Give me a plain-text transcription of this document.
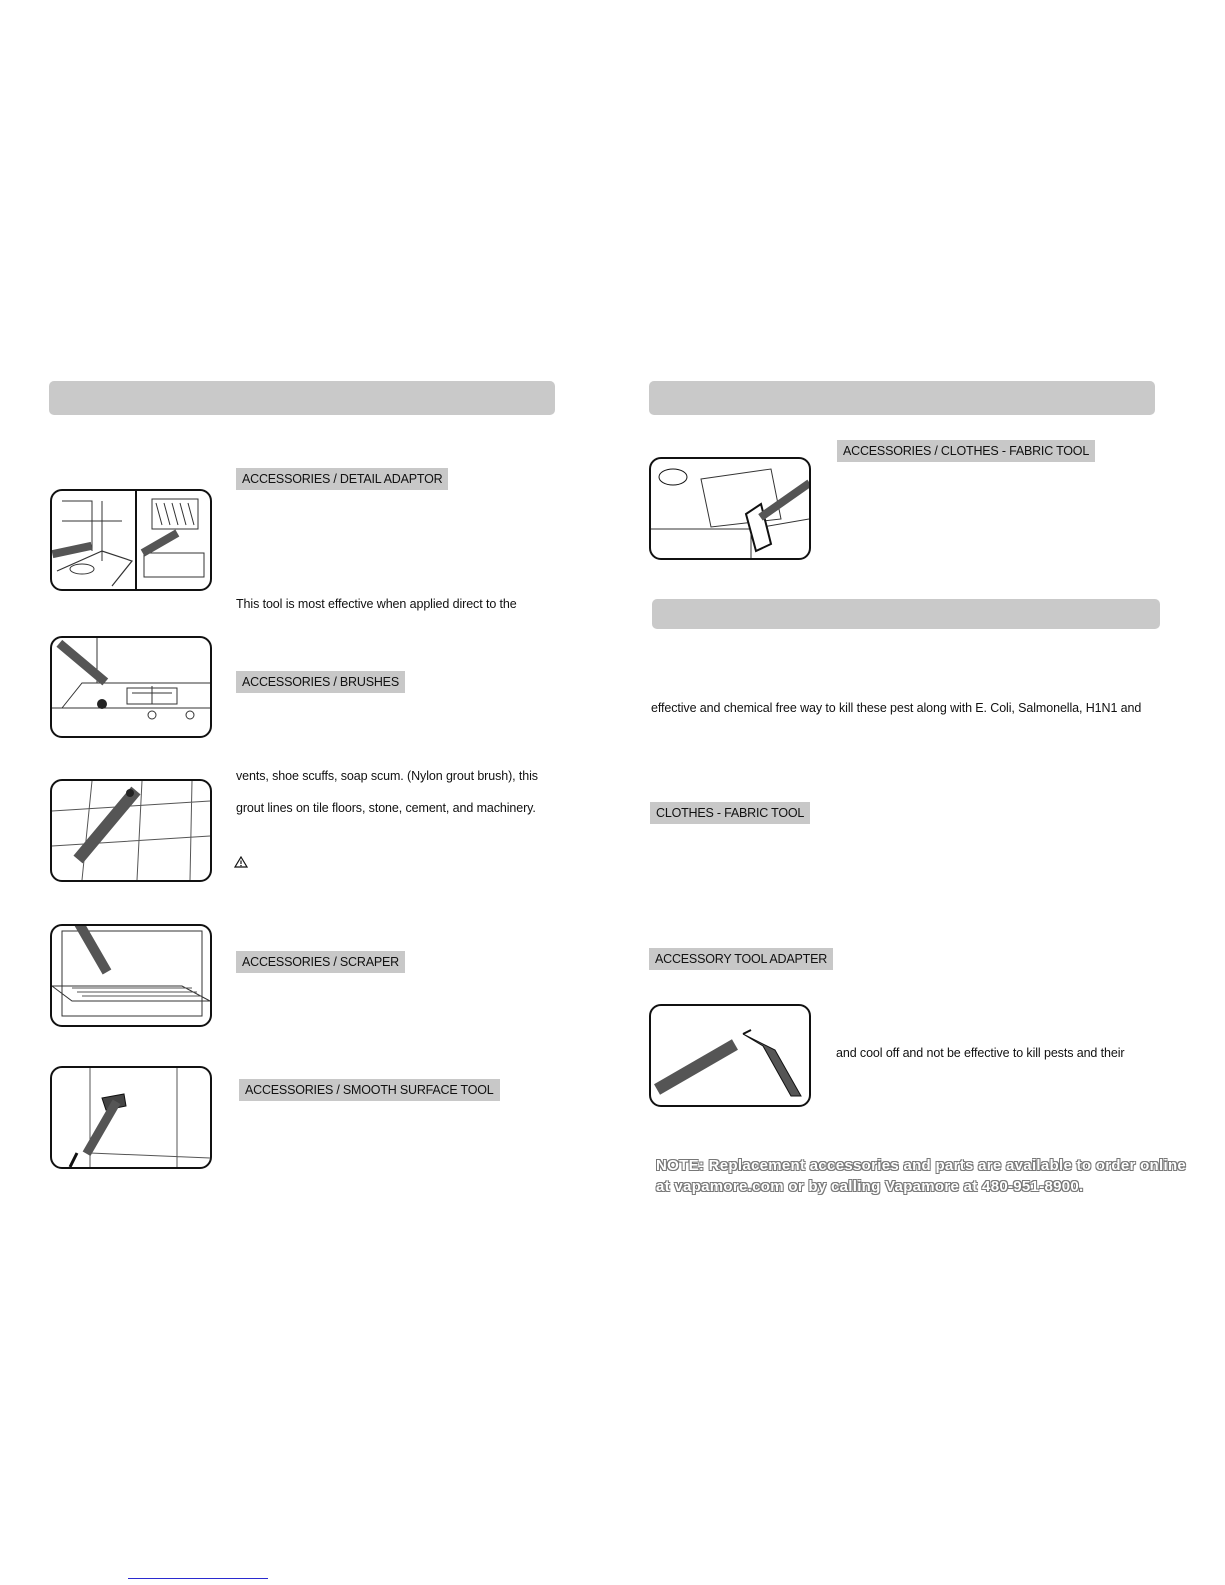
ACCESSORIES / DETAIL ADAPTOR
This tool is most effective when applied direct to the
ACCESSORIES / BRUSHES
vents, shoe scuffs, soap scum. (Nylon grout brush), this
grout lines on tile floors, stone, cement, and machinery.
ACCESSORIES / SCRAPER
ACCESSORIES / SMOOTH SURFACE TOOL
ACCESSORIES / CLOTHES - FABRIC TOOL
effective and chemical free way to kill these pest along with E. Coli, Salmonella, H1N1 and
CLOTHES - FABRIC TOOL
ACCESSORY TOOL ADAPTER
and cool off and not be effective to kill pests and their
NOTE: Replacement accessories and parts are available to order online
at vapamore.com or by calling Vapamore at 480-951-8900.
